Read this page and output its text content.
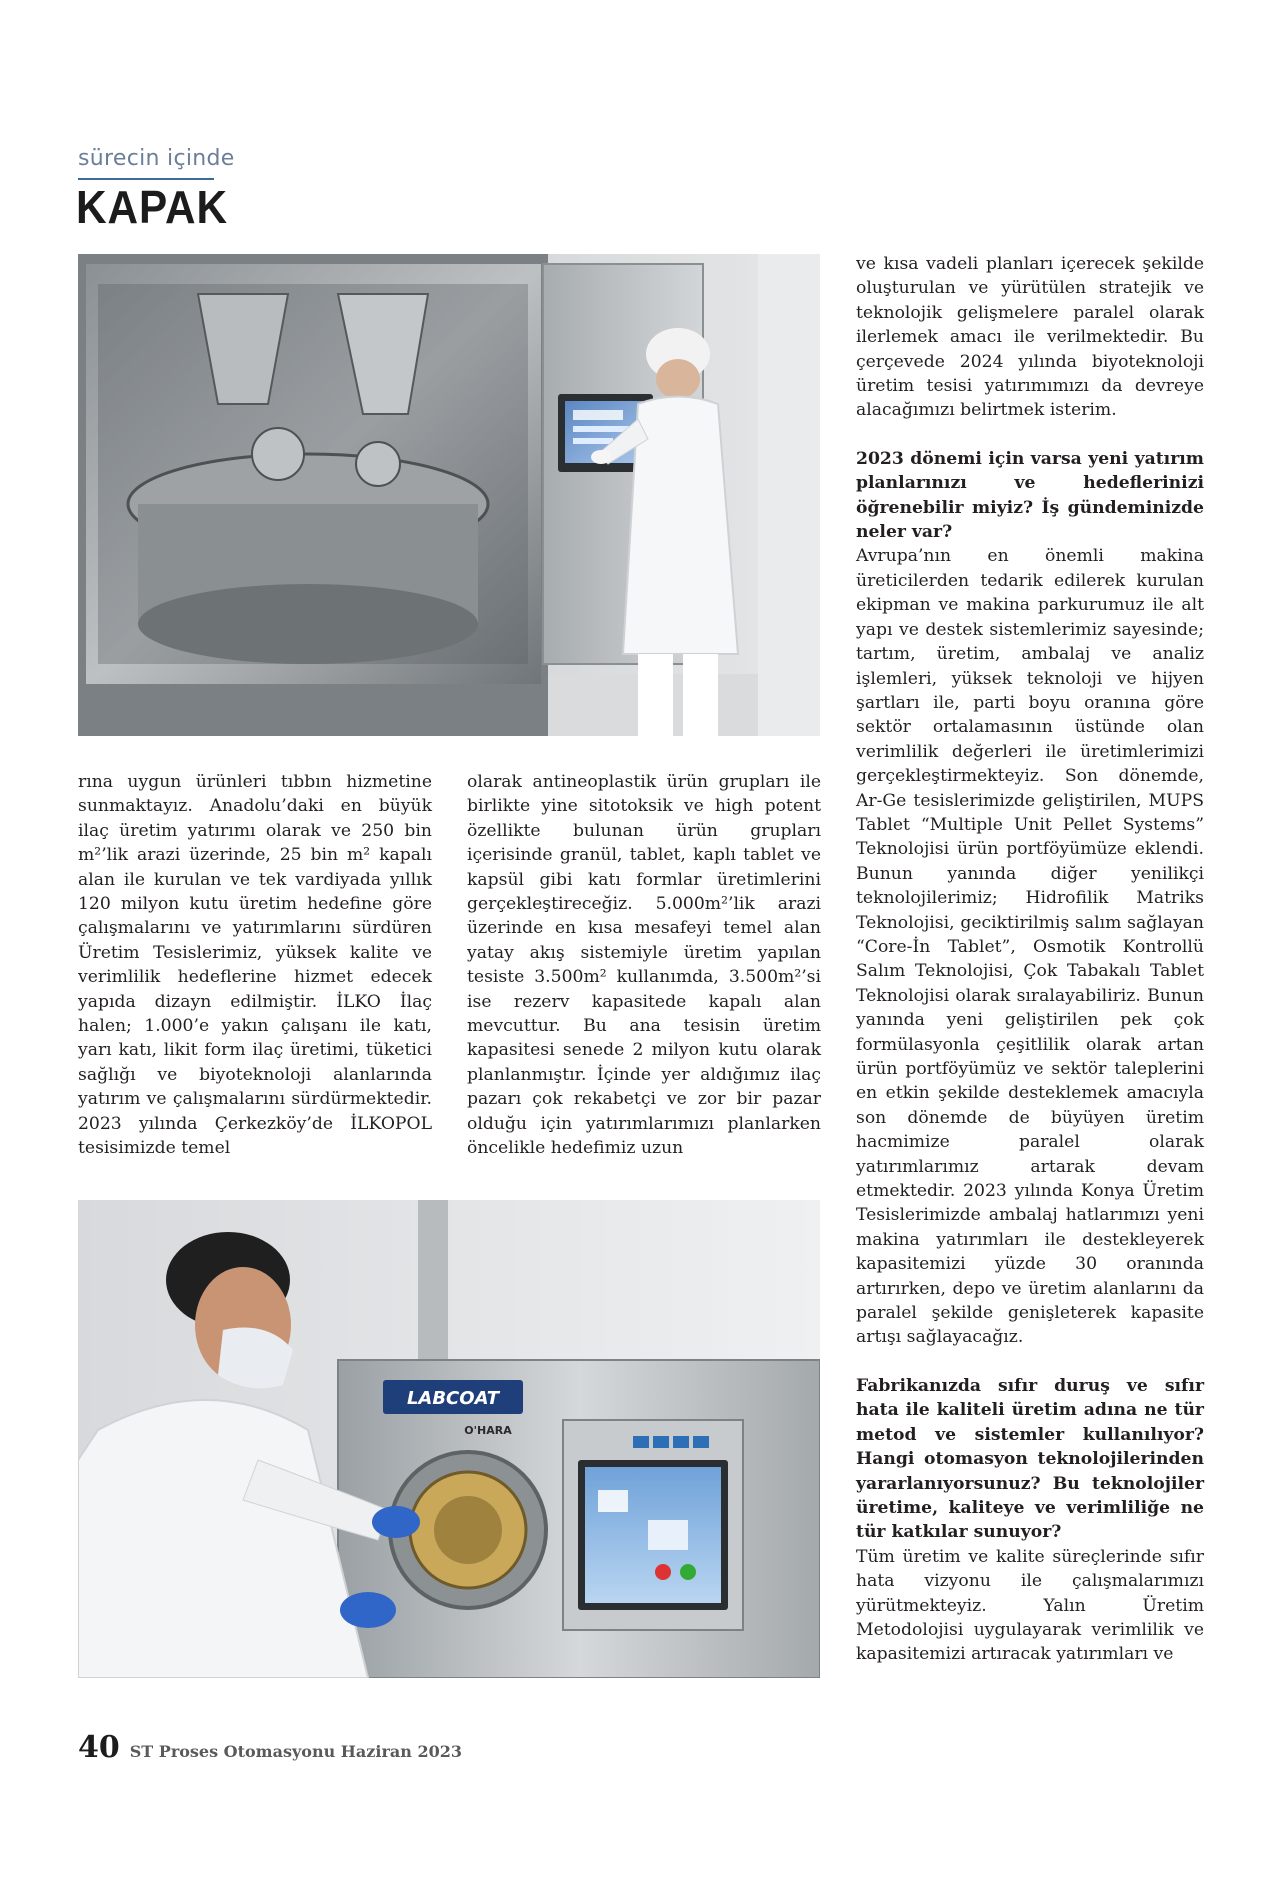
sürecin içinde
KAPAK

rına uygun ürünleri tıbbın hizmetine sunmaktayız. Anadolu’daki en büyük ilaç üretim yatırımı olarak ve 250 bin m²’lik arazi üzerinde, 25 bin m² kapalı alan ile kurulan ve tek vardiyada yıllık 120 milyon kutu üretim hedefine göre çalışmalarını ve yatırımlarını sürdüren Üretim Tesislerimiz, yüksek kalite ve verimlilik hedeflerine hizmet edecek yapıda dizayn edilmiştir. İLKO İlaç halen; 1.000’e yakın çalışanı ile katı, yarı katı, likit form ilaç üretimi, tüketici sağlığı ve biyoteknoloji alanlarında yatırım ve çalışmalarını sürdürmektedir. 2023 yılında Çerkezköy’de İLKOPOL tesisimizde temel

olarak antineoplastik ürün grupları ile birlikte yine sitotoksik ve high potent özellikte bulunan ürün grupları içerisinde granül, tablet, kaplı tablet ve kapsül gibi katı formlar üretimlerini gerçekleştireceğiz. 5.000m²’lik arazi üzerinde en kısa mesafeyi temel alan yatay akış sistemiyle üretim yapılan tesiste 3.500m² kullanımda, 3.500m²’si ise rezerv kapasitede kapalı alan mevcuttur. Bu ana tesisin üretim kapasitesi senede 2 milyon kutu olarak planlanmıştır. İçinde yer aldığımız ilaç pazarı çok rekabetçi ve zor bir pazar olduğu için yatırımlarımızı planlarken öncelikle hedefimiz uzun

ve kısa vadeli planları içerecek şekilde oluşturulan ve yürütülen stratejik ve teknolojik gelişmelere paralel olarak ilerlemek amacı ile verilmektedir. Bu çerçevede 2024 yılında biyoteknoloji üretim tesisi yatırımımızı da devreye alacağımızı belirtmek isterim.

2023 dönemi için varsa yeni yatırım planlarınızı ve hedeflerinizi öğrenebilir miyiz? İş gündeminizde neler var?

Avrupa’nın en önemli makina üreticilerden tedarik edilerek kurulan ekipman ve makina parkurumuz ile alt yapı ve destek sistemlerimiz sayesinde; tartım, üretim, ambalaj ve analiz işlemleri, yüksek teknoloji ve hijyen şartları ile, parti boyu oranına göre sektör ortalamasının üstünde olan verimlilik değerleri ile üretimlerimizi gerçekleştirmekteyiz. Son dönemde, Ar-Ge tesislerimizde geliştirilen, MUPS Tablet “Multiple Unit Pellet Systems” Teknolojisi ürün portföyümüze eklendi. Bunun yanında diğer yenilikçi teknolojilerimiz; Hidrofilik Matriks Teknolojisi, geciktirilmiş salım sağlayan “Core-İn Tablet”, Osmotik Kontrollü Salım Teknolojisi, Çok Tabakalı Tablet Teknolojisi olarak sıralayabiliriz. Bunun yanında yeni geliştirilen pek çok formülasyonla çeşitlilik olarak artan ürün portföyümüz ve sektör taleplerini en etkin şekilde desteklemek amacıyla son dönemde de büyüyen üretim hacmimize paralel olarak yatırımlarımız artarak devam etmektedir. 2023 yılında Konya Üretim Tesislerimizde ambalaj hatlarımızı yeni makina yatırımları ile destekleyerek kapasitemizi yüzde 30 oranında artırırken, depo ve üretim alanlarını da paralel şekilde genişleterek kapasite artışı sağlayacağız.

Fabrikanızda sıfır duruş ve sıfır hata ile kaliteli üretim adına ne tür metod ve sistemler kullanılıyor? Hangi otomasyon teknolojilerinden yararlanıyorsunuz? Bu teknolojiler üretime, kaliteye ve verimliliğe ne tür katkılar sunuyor?

Tüm üretim ve kalite süreçlerinde sıfır hata vizyonu ile çalışmalarımızı yürütmekteyiz. Yalın Üretim Metodolojisi uygulayarak verimlilik ve kapasitemizi artıracak yatırımları ve

LABCOAT
O'HARA
40 ST Proses Otomasyonu Haziran 2023
